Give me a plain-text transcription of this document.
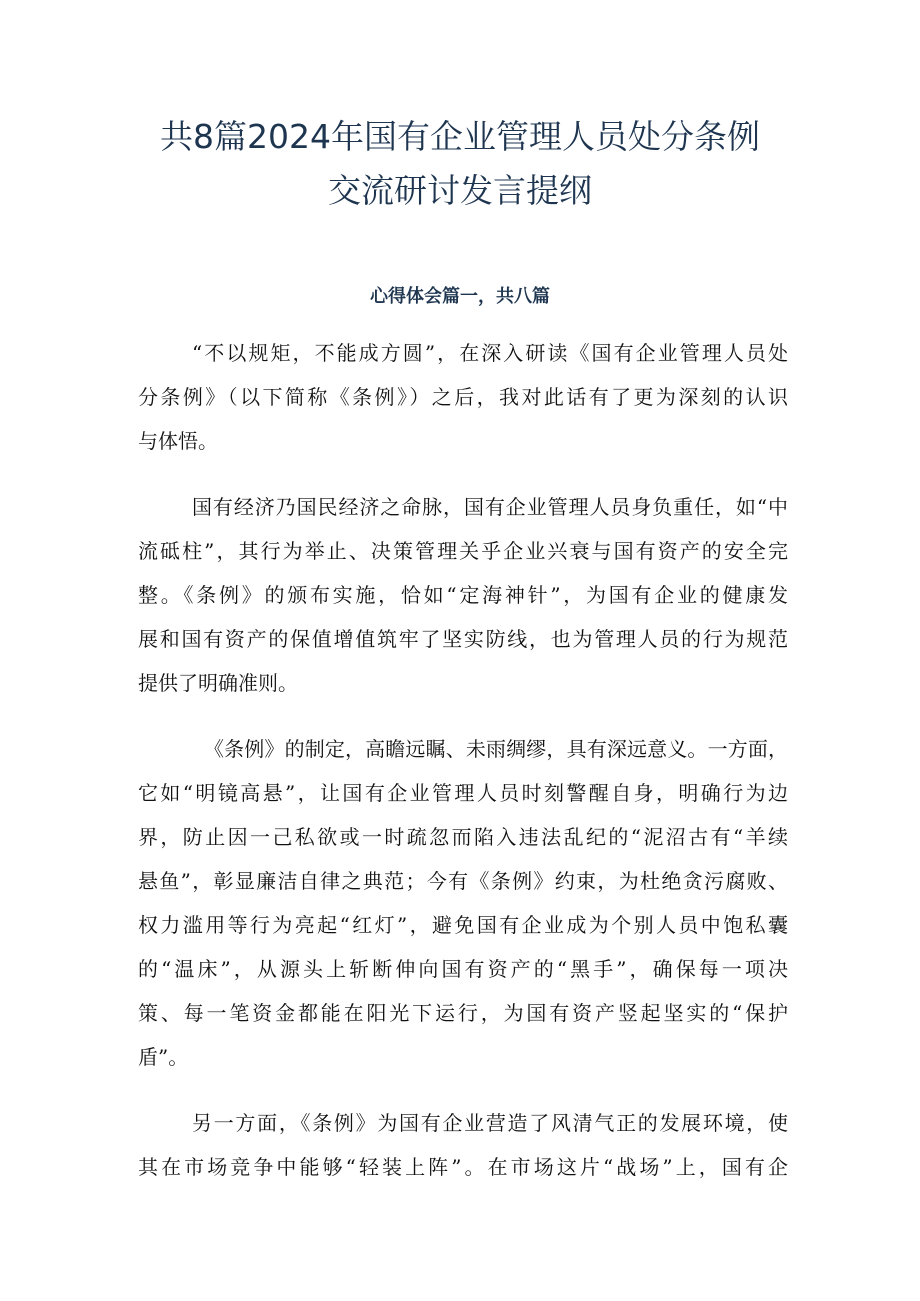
共8篇2024年国有企业管理人员处分条例
交流研讨发言提纲
心得体会篇一，共八篇

“不以规矩，不能成方圆”，在深入研读《国有企业管理人员处
分条例》（以下简称《条例》）之后，我对此话有了更为深刻的认识
与体悟。

国有经济乃国民经济之命脉，国有企业管理人员身负重任，如“中
流砥柱”，其行为举止、决策管理关乎企业兴衰与国有资产的安全完
整。《条例》的颁布实施，恰如“定海神针”，为国有企业的健康发
展和国有资产的保值增值筑牢了坚实防线，也为管理人员的行为规范
提供了明确准则。

《条例》的制定，高瞻远瞩、未雨绸缪，具有深远意义。一方面，
它如“明镜高悬”，让国有企业管理人员时刻警醒自身，明确行为边
界，防止因一己私欲或一时疏忽而陷入违法乱纪的“泥沼古有“羊续
悬鱼”，彰显廉洁自律之典范；今有《条例》约束，为杜绝贪污腐败、
权力滥用等行为亮起“红灯”，避免国有企业成为个别人员中饱私囊
的“温床”，从源头上斩断伸向国有资产的“黑手”，确保每一项决
策、每一笔资金都能在阳光下运行，为国有资产竖起坚实的“保护
盾”。

另一方面，《条例》为国有企业营造了风清气正的发展环境，使
其在市场竞争中能够“轻装上阵”。在市场这片“战场”上，国有企
